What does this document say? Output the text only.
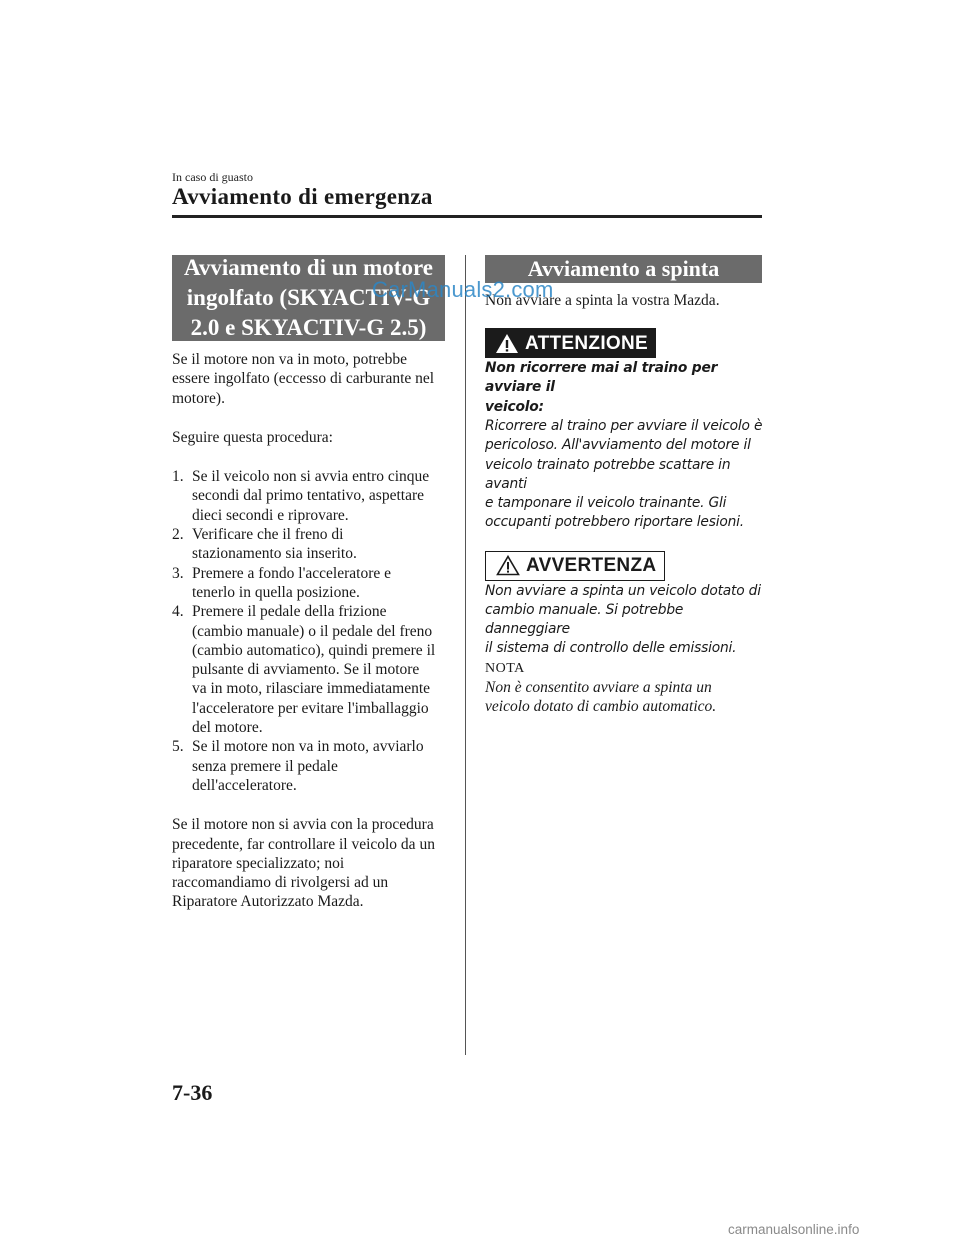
In caso di guasto
Avviamento di emergenza
Avviamento di un motore
ingolfato (SKYACTIV-G
2.0 e SKYACTIV-G 2.5)

Se il motore non va in moto, potrebbe
essere ingolfato (eccesso di carburante nel
motore).

Seguire questa procedura:

1. Se il veicolo non si avvia entro cinque
secondi dal primo tentativo, aspettare
dieci secondi e riprovare.
2. Verificare che il freno di
stazionamento sia inserito.
3. Premere a fondo l'acceleratore e
tenerlo in quella posizione.
4. Premere il pedale della frizione
(cambio manuale) o il pedale del freno
(cambio automatico), quindi premere il
pulsante di avviamento. Se il motore
va in moto, rilasciare immediatamente
l'acceleratore per evitare l'imballaggio
del motore.
5. Se il motore non va in moto, avviarlo
senza premere il pedale
dell'acceleratore.

Se il motore non si avvia con la procedura
precedente, far controllare il veicolo da un
riparatore specializzato; noi
raccomandiamo di rivolgersi ad un
Riparatore Autorizzato Mazda.

Avviamento a spinta

Non avviare a spinta la vostra Mazda.

ATTENZIONE

Non ricorrere mai al traino per avviare il
veicolo:
Ricorrere al traino per avviare il veicolo è
pericoloso. All'avviamento del motore il
veicolo trainato potrebbe scattare in avanti
e tamponare il veicolo trainante. Gli
occupanti potrebbero riportare lesioni.

AVVERTENZA

Non avviare a spinta un veicolo dotato di
cambio manuale. Si potrebbe danneggiare
il sistema di controllo delle emissioni.

NOTA

Non è consentito avviare a spinta un
veicolo dotato di cambio automatico.

CarManuals2.com
7-36
carmanualsonline.info
